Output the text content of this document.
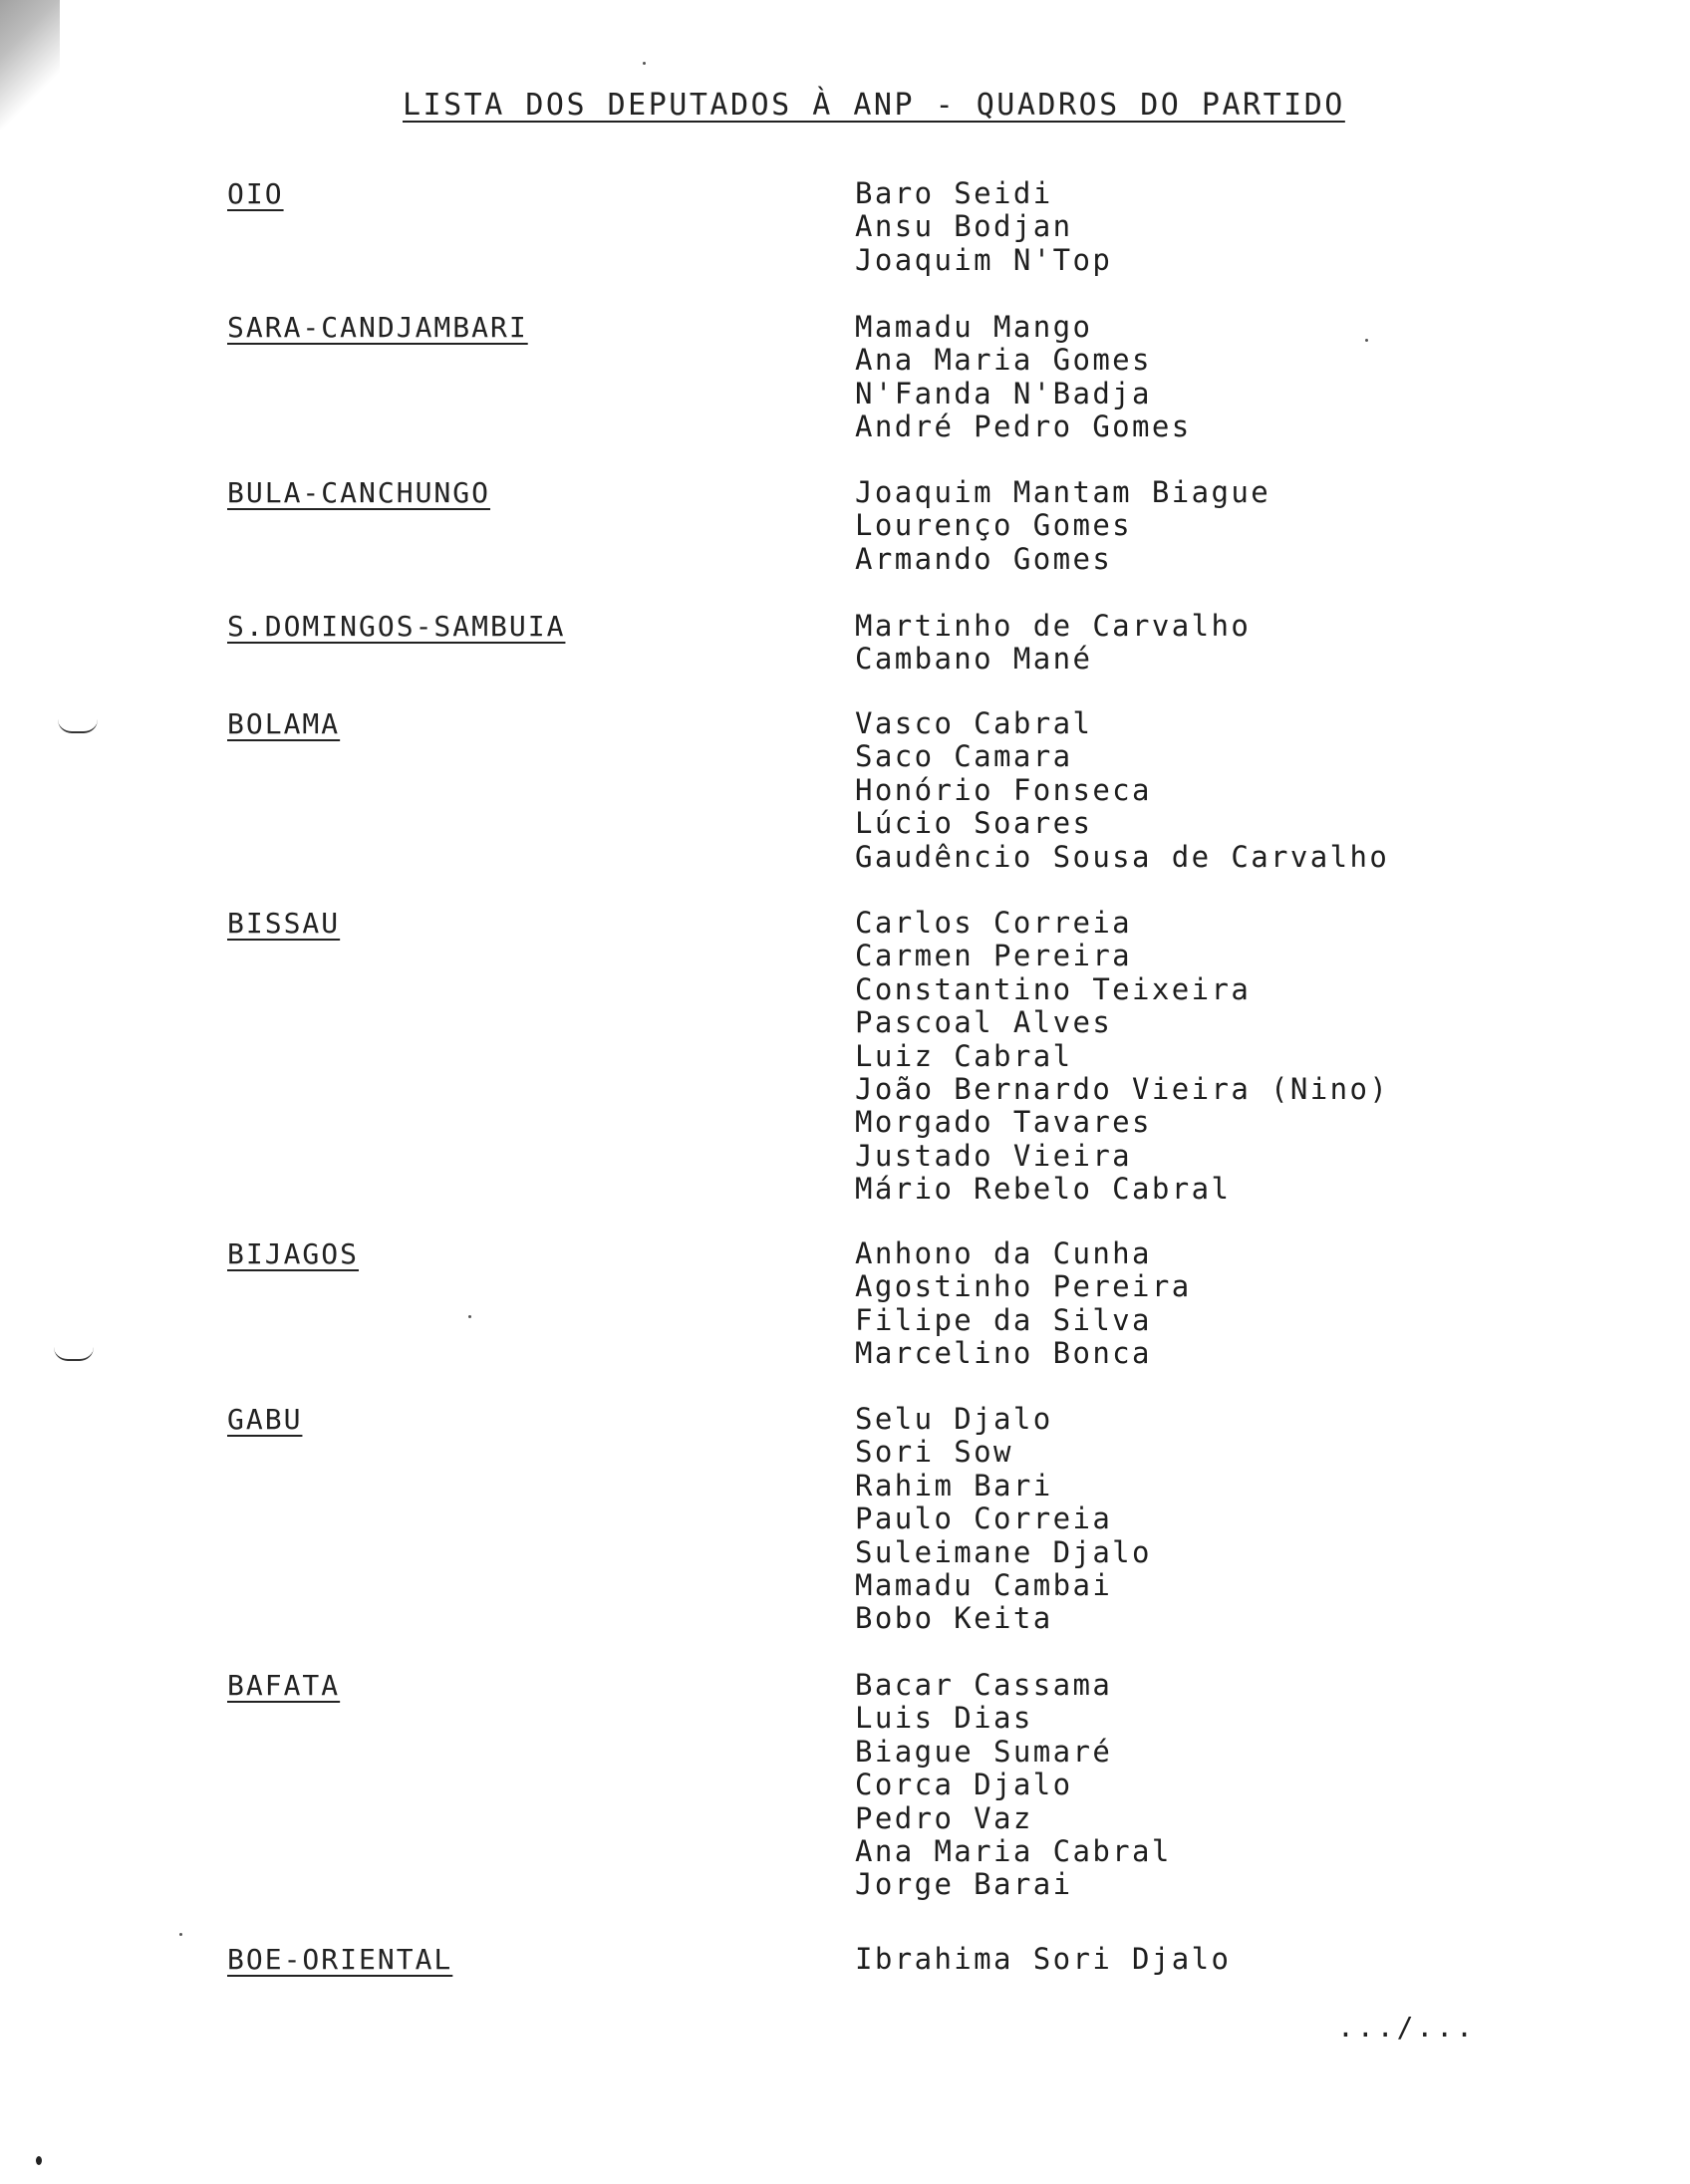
LISTA DOS DEPUTADOS À ANP - QUADROS DO PARTIDO
OIO	Baro Seidi
Ansu Bodjan
Joaquim N'Top
SARA-CANDJAMBARI	Mamadu Mango
Ana Maria Gomes
N'Fanda N'Badja
André Pedro Gomes
BULA-CANCHUNGO	Joaquim Mantam Biague
Lourenço Gomes
Armando Gomes
S.DOMINGOS-SAMBUIA	Martinho de Carvalho
Cambano Mané
BOLAMA	Vasco Cabral
Saco Camara
Honório Fonseca
Lúcio Soares
Gaudêncio Sousa de Carvalho
BISSAU	Carlos Correia
Carmen Pereira
Constantino Teixeira
Pascoal Alves
Luiz Cabral
João Bernardo Vieira (Nino)
Morgado Tavares
Justado Vieira
Mário Rebelo Cabral
BIJAGOS	Anhono da Cunha
Agostinho Pereira
Filipe da Silva
Marcelino Bonca
GABU	Selu Djalo
Sori Sow
Rahim Bari
Paulo Correia
Suleimane Djalo
Mamadu Cambai
Bobo Keita
BAFATA	Bacar Cassama
Luis Dias
Biague Sumaré
Corca Djalo
Pedro Vaz
Ana Maria Cabral
Jorge Barai
BOE-ORIENTAL	Ibrahima Sori Djalo
.../...
